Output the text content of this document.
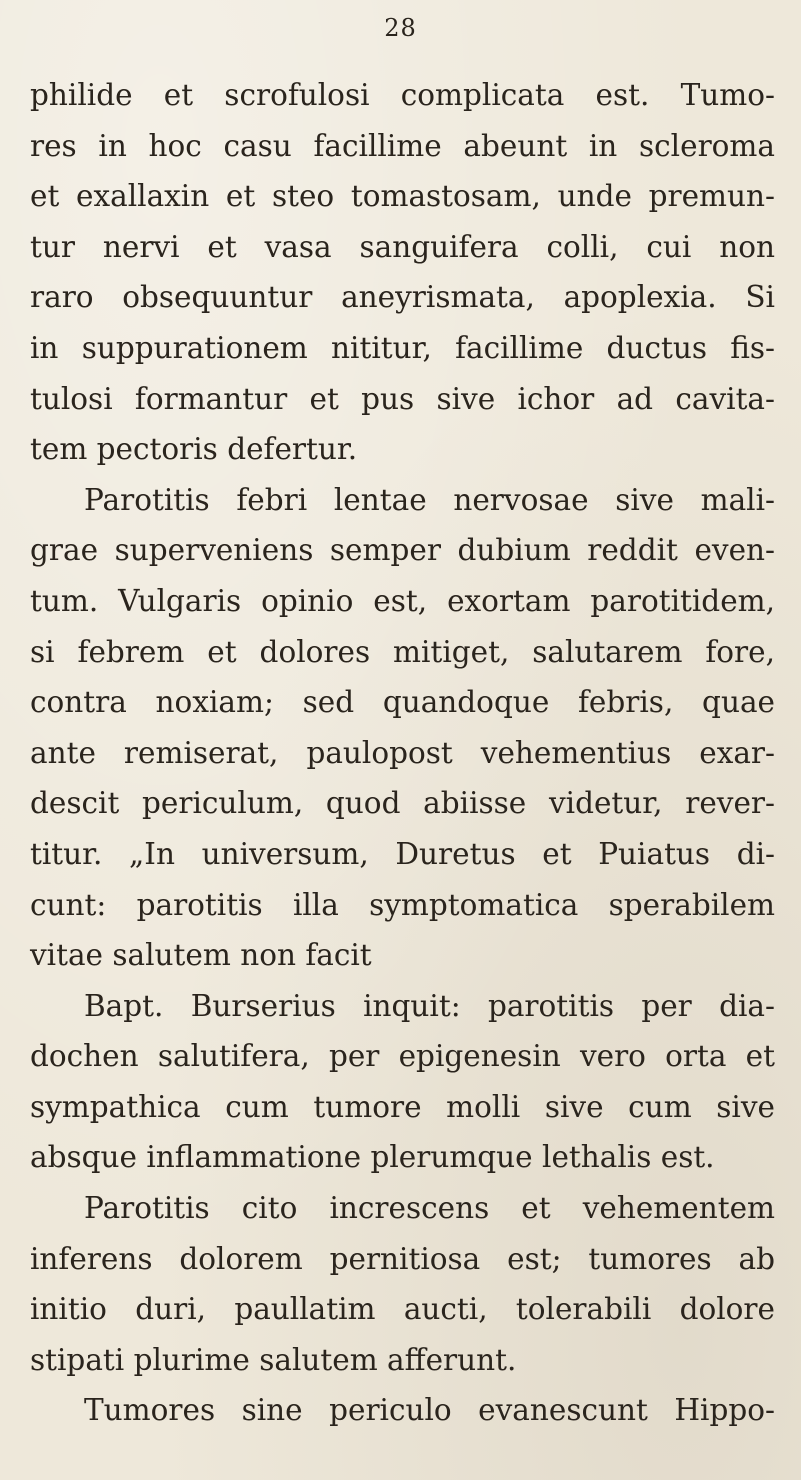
28
philide et scrofulosi complicata est. Tumo-
res in hoc casu facillime abeunt in scleroma
et exallaxin et steo tomastosam, unde premun-
tur nervi et vasa sanguifera colli, cui non
raro obsequuntur aneyrismata, apoplexia. Si
in suppurationem nititur, facillime ductus fis-
tulosi formantur et pus sive ichor ad cavita-
tem pectoris defertur.
Parotitis febri lentae nervosae sive mali-
grae superveniens semper dubium reddit even-
tum. Vulgaris opinio est, exortam parotitidem,
si febrem et dolores mitiget, salutarem fore,
contra noxiam; sed quandoque febris, quae
ante remiserat, paulopost vehementius exar-
descit periculum, quod abiisse videtur, rever-
titur. „In universum, Duretus et Puiatus di-
cunt: parotitis illa symptomatica sperabilem
vitae salutem non facit
Bapt. Burserius inquit: parotitis per dia-
dochen salutifera, per epigenesin vero orta et
sympathica cum tumore molli sive cum sive
absque inflammatione plerumque lethalis est.
Parotitis cito increscens et vehementem
inferens dolorem pernitiosa est; tumores ab
initio duri, paullatim aucti, tolerabili dolore
stipati plurime salutem afferunt.
Tumores sine periculo evanescunt Hippo-
